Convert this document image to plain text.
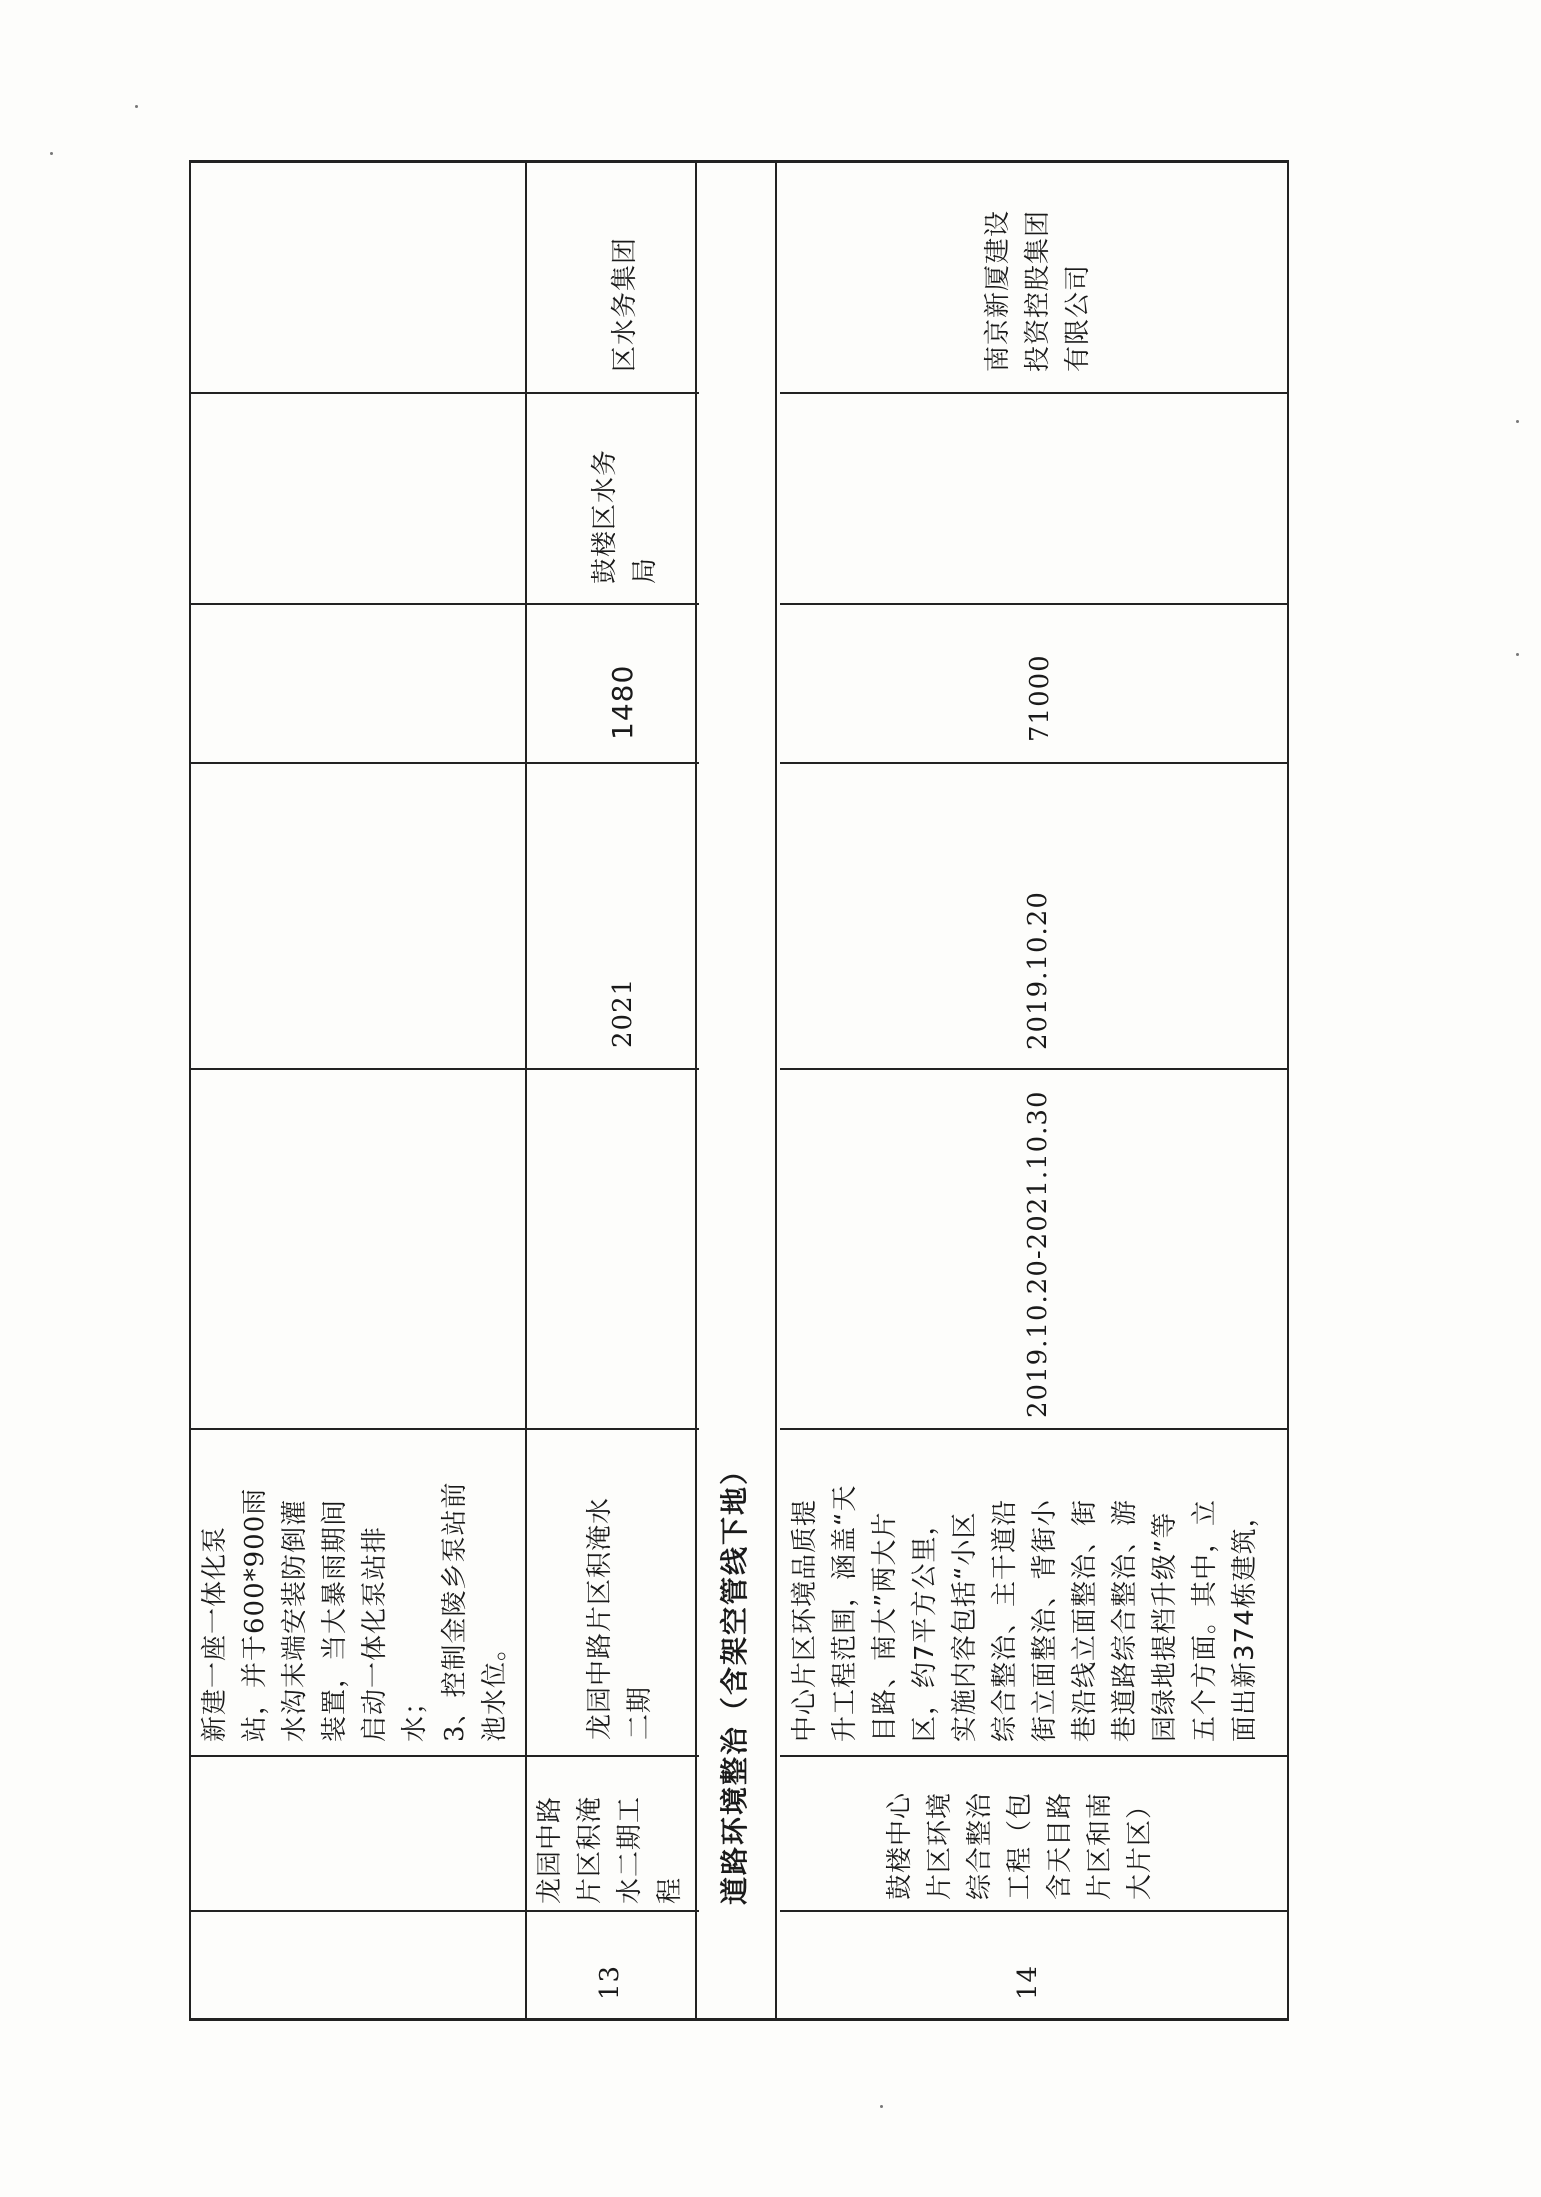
新建一座一体化泵
站，并于600*900雨
水沟末端安装防倒灌
装置，当大暴雨期间
启动一体化泵站排
水；
3、控制金陵乡泵站前
池水位。
13
龙园中路
片区积淹
水二期工
程
龙园中路片区积淹水
二期
2021
1480
鼓楼区水务
局
区水务集团
道路环境整治（含架空管线下地）
14
鼓楼中心
片区环境
综合整治
工程（包
含天目路
片区和南
大片区）
中心片区环境品质提
升工程范围，涵盖“天
目路、南大”两大片
区，约7平方公里，
实施内容包括“小区
综合整治、主干道沿
街立面整治、背街小
巷沿线立面整治、街
巷道路综合整治、游
园绿地提档升级”等
五个方面。其中，立
面出新374栋建筑，
2019.10.20-2021.10.30
2019.10.20
71000
南京新厦建设
投资控股集团
有限公司
